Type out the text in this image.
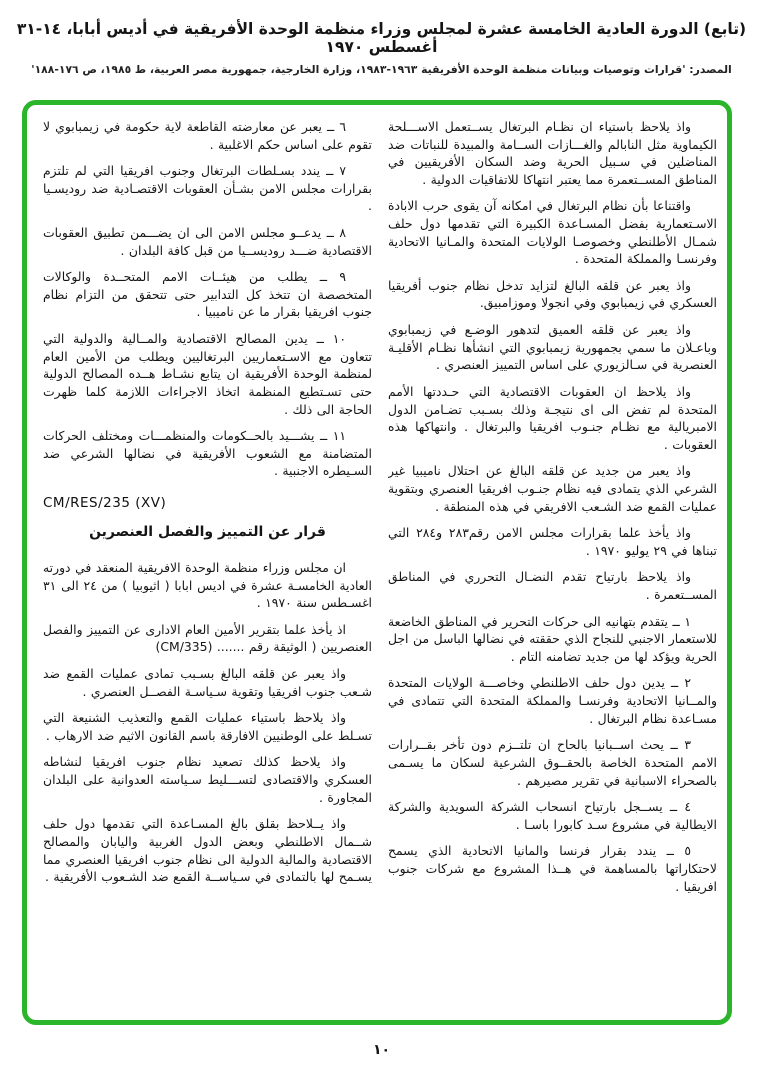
(تابع) الدورة العادية الخامسة عشرة لمجلس وزراء منظمة الوحدة الأفريقية في أديس أبابا، ١٤-٣١ أغسطس ١٩٧٠
المصدر: 'قرارات وتوصيات وبيانات منظمة الوحدة الأفريقية ١٩٦٣-١٩٨٣، وزارة الخارجية، جمهورية مصر العربية، ط ١٩٨٥، ص ١٧٦-١٨٨'

واذ يلاحظ باستياء ان نظـام البرتغال يســتعمل الاســـلحة الكيماوية مثل النابالم والغـــازات الســامة والمبيدة للنباتات ضد المناضلين في سـبيل الحرية وضد السكان الأفريقيين في المناطق المســتعمرة مما يعتبر انتهاكا للاتفاقيات الدولية .

واقتناعا بأن نظام البرتغال في امكانه آن يقوى حرب الابادة الاسـتعمارية بفضل المسـاعدة الكبيرة التي تقدمها دول حلف شمـال الأطلنطي وخصوصـا الولايات المتحدة والمـانيا الاتحادية وفرنسـا والمملكة المتحدة .

واذ يعبر عن قلقه البالغ لتزايد تدخل نظام جنوب أفريقيا العسكري في زيمبابوي وفي انجولا وموزامبيق.

واذ يعبر عن قلقه العميق لتدهور الوضـع في زيمبابوي وباعـلان ما سمي بجمهورية زيمبابوي التي انشأها نظـام الأقليـة العنصرية في سـالزيوري على اساس التمييز العنصري .

واذ يلاحظ ان العقوبات الاقتصادية التي حـددتها الأمم المتحدة لم تفض الى اى نتيجـة وذلك بسـبب تضـامن الدول الامبريالية مع نظـام جنـوب افريقيا والبرتغال . وانتهاكها هذه العقوبات .

واذ يعبر من جديد عن قلقه البالغ عن احتلال ناميبيا غير الشرعي الذي يتمادى فيه نظام جنـوب افريقيا العنصري وبتقوية عمليات القمع ضد الشـعب الافريقي في هذه المنطقة .

واذ يأخذ علما بقرارات مجلس الامن رقم٢٨٣ و٢٨٤ التي تبناها في ٢٩ يوليو ١٩٧٠ .

واذ يلاحظ بارتياح تقدم النضـال التحرري في المناطق المســتعمرة .

١ ــ يتقدم بتهانيه الى حركات التحرير في المناطق الخاضعة للاستعمار الاجنبي للنجاح الذي حققته في نضالها الباسل من اجل الحرية ويؤكد لها من جديد تضامنه التام .

٢ ــ يدين دول حلف الاطلنطي وخاصـــة الولايات المتحدة والمــانيا الاتحادية وفرنسـا والمملكة المتحدة التي تتمادى في مسـاعدة نظام البرتغال .

٣ ــ يحث اســبانيا بالحاح ان تلتــزم دون تأخر بقــرارات الامم المتحدة الخاصة بالحقــوق الشرعية لسكان ما يسـمى بالصحراء الاسبانية في تقرير مصيرهم .

٤ ــ يســجل بارتياح انسحاب الشركة السويدية والشركة الايطالية في مشروع سـد كابورا باسـا .

٥ ــ يندد بقرار فرنسا والمانيا الاتحادية الذي يسمح لاحتكاراتها بالمساهمة في هــذا المشروع مع شركات جنوب افريقيا .

٦ ــ يعبر عن معارضته القاطعة لاية حكومة في زيمبابوي لا تقوم على اساس حكم الاغلبية .

٧ ــ يندد بسـلطات البرتغال وجنوب افريقيا التي لم تلتزم بقرارات مجلس الامن بشـأن العقوبات الاقتصـادية ضد روديسـيا .

٨ ــ يدعــو مجلس الامن الى ان يضـــمن تطبيق العقوبات الاقتصادية ضـــد روديســيا من قبل كافة البلدان .

٩ ــ يطلب من هيئــات الامم المتحــدة والوكالات المتخصصة ان تتخذ كل التدابير حتى تتحقق من التزام نظام جنوب افريقيا بقرار ما عن ناميبيا .

١٠ ــ يدين المصالح الاقتصادية والمــالية والدولية التي تتعاون مع الاسـتعماريين البرتغاليين ويطلب من الأمين العام لمنظمة الوحدة الأفريقية ان يتابع نشـاط هــده المصالح الدولية حتى تسـتطيع المنظمة اتخاذ الاجراءات اللازمة كلما ظهرت الحاجة الى ذلك .

١١ ــ يشـــيد بالحــكومات والمنظمـــات ومختلف الحركات المتضامنة مع الشعوب الأفريقية في نضالها الشرعي ضد السـيطره الاجنبية .

CM/RES/235 (XV)
قرار عن التمييز والفصل العنصرين

ان مجلس وزراء منظمة الوحدة الافريقية المنعقد في دورته العادية الخامسـة عشرة في اديس ابابا ( اثيوبيا ) من ٢٤ الى ٣١ اغسـطس سنة ١٩٧٠ .

اذ يأخذ علما بتقرير الأمين العام الادارى عن التمييز والفصل العنصريين ( الوثيقة رقم ....... (CM/335)

واذ يعبر عن قلقه البالغ بسـبب تمادى عمليات القمع ضد شـعب جنوب افريقيا وتقوية سـياسـة الفصــل العنصري .

واذ يلاحظ باستياء عمليات القمع والتعذيب الشنيعة التي تسـلط على الوطنيين الافارقة باسم القانون الاثيم ضد الارهاب .

واذ يلاحظ كذلك تصعيد نظام جنوب افريقيا لنشاطه العسكري والاقتصادى لتســـليط سـياسته العدوانية على البلدان المجاورة .

واذ يــلاحظ بقلق بالغ المسـاعدة التي تقدمها دول حلف شــمال الاطلنطي وبعض الدول الغربية واليابان والمصالح الاقتصادية والمالية الدولية الى نظام جنوب افريقيا العنصري مما يسـمح لها بالتمادى في سـياســة القمع ضد الشـعوب الأفريقية .

١٠
